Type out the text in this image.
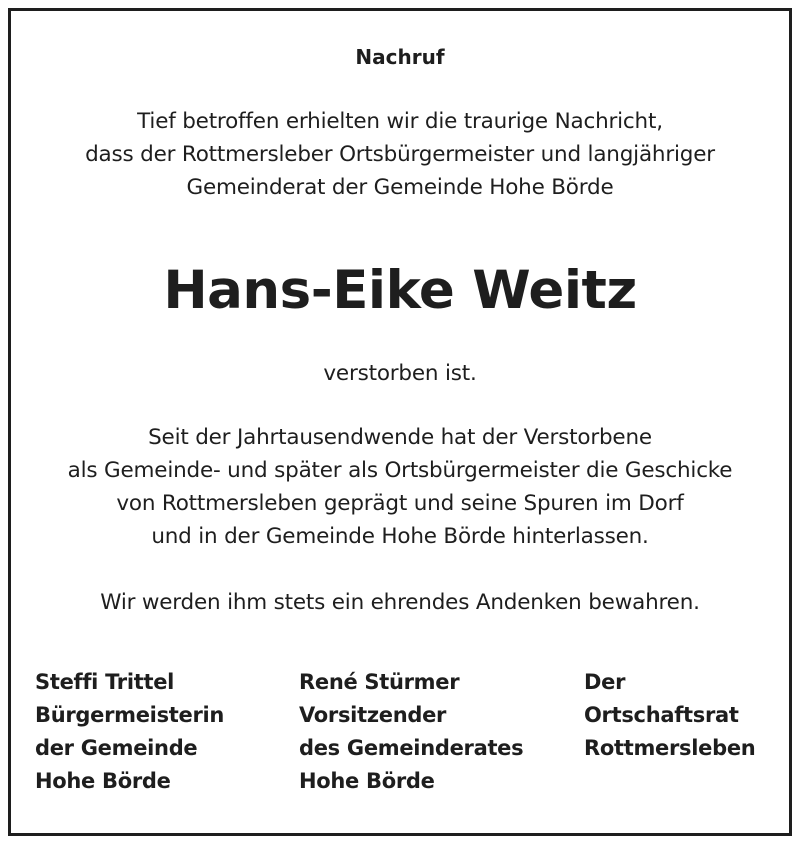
Nachruf
Tief betroffen erhielten wir die traurige Nachricht,
dass der Rottmersleber Ortsbürgermeister und langjähriger
Gemeinderat der Gemeinde Hohe Börde
Hans-Eike Weitz
verstorben ist.
Seit der Jahrtausendwende hat der Verstorbene
als Gemeinde- und später als Ortsbürgermeister die Geschicke
von Rottmersleben geprägt und seine Spuren im Dorf
und in der Gemeinde Hohe Börde hinterlassen.
Wir werden ihm stets ein ehrendes Andenken bewahren.
Steffi Trittel
Bürgermeisterin
der Gemeinde
Hohe Börde
René Stürmer
Vorsitzender
des Gemeinderates
Hohe Börde
Der
Ortschaftsrat
Rottmersleben
